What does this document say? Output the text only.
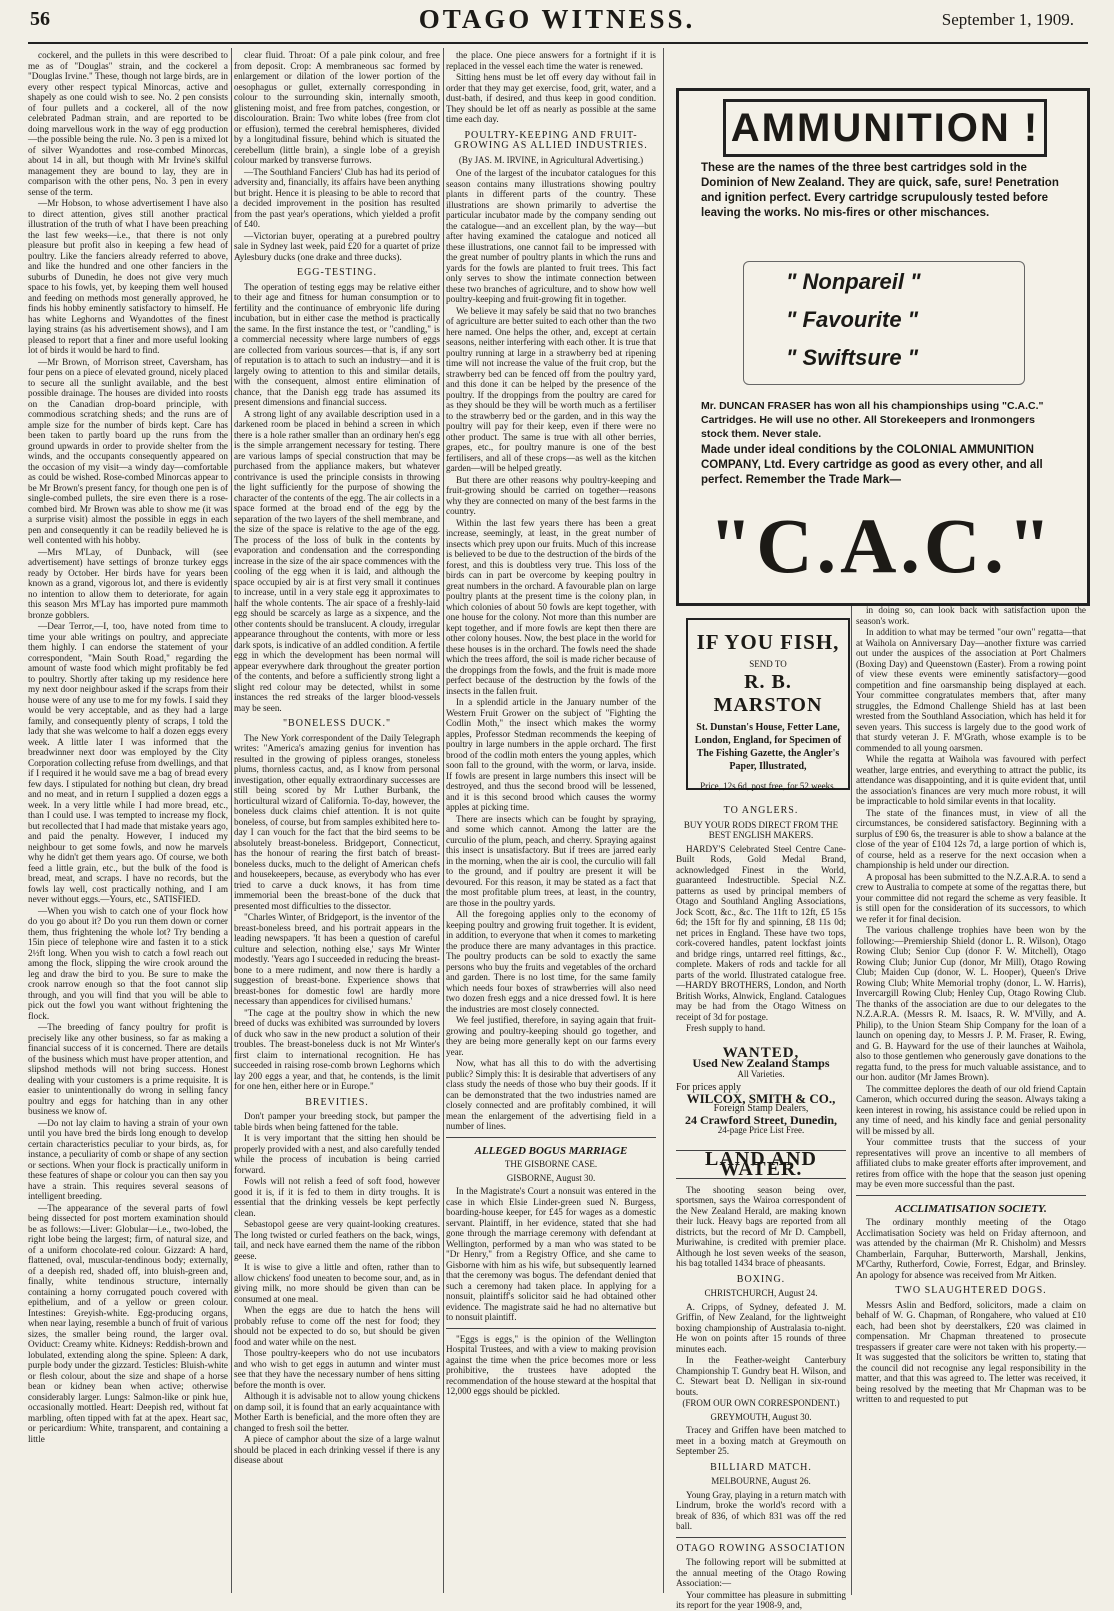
56	OTAGO WITNESS.	September 1, 1909.

cockerel, and the pullets in this were described to me as of "Douglas" strain, and the cockerel a "Douglas Irvine." These, though not large birds, are in every other respect typical Minorcas, active and shapely as one could wish to see. No. 2 pen consists of four pullets and a cockerel, all of the now celebrated Padman strain, and are reported to be doing marvellous work in the way of egg production—the possible being the rule. No. 3 pen is a mixed lot of silver Wyandottes and rose-combed Minorcas, about 14 in all, but though with Mr Irvine's skilful management they are bound to lay, they are in comparison with the other pens, No. 3 pen in every sense of the term.

—Mr Hobson, to whose advertisement I have also to direct attention, gives still another practical illustration of the truth of what I have been preaching the last few weeks—i.e., that there is not only pleasure but profit also in keeping a few head of poultry. Like the fanciers already referred to above, and like the hundred and one other fanciers in the suburbs of Dunedin, he does not give very much space to his fowls, yet, by keeping them well housed and feeding on methods most generally approved, he finds his hobby eminently satisfactory to himself. He has white Leghorns and Wyandottes of the finest laying strains (as his advertisement shows), and I am pleased to report that a finer and more useful looking lot of birds it would be hard to find.

—Mr Brown, of Morrison street, Caversham, has four pens on a piece of elevated ground, nicely placed to secure all the sunlight available, and the best possible drainage. The houses are divided into roosts on the Canadian drop-board principle, with commodious scratching sheds; and the runs are of ample size for the number of birds kept. Care has been taken to partly board up the runs from the ground upwards in order to provide shelter from the winds, and the occupants consequently appeared on the occasion of my visit—a windy day—comfortable as could be wished. Rose-combed Minorcas appear to be Mr Brown's present fancy, for though one pen is of single-combed pullets, the sire even there is a rose-combed bird. Mr Brown was able to show me (it was a surprise visit) almost the possible in eggs in each pen and consequently it can be readily believed he is well contented with his hobby.

—Mrs M'Lay, of Dunback, will (see advertisement) have settings of bronze turkey eggs ready by October. Her birds have for years been known as a grand, vigorous lot, and there is evidently no intention to allow them to deteriorate, for again this season Mrs M'Lay has imported pure mammoth bronze gobblers.

—Dear Terror,—I, too, have noted from time to time your able writings on poultry, and appreciate them highly. I can endorse the statement of your correspondent, "Main South Road," regarding the amount of waste food which might profitably be fed to poultry. Shortly after taking up my residence here my next door neighbour asked if the scraps from their house were of any use to me for my fowls. I said they would be very acceptable, and as they had a large family, and consequently plenty of scraps, I told the lady that she was welcome to half a dozen eggs every week. A little later I was informed that the breadwinner next door was employed by the City Corporation collecting refuse from dwellings, and that if I required it he would save me a bag of bread every few days. I stipulated for nothing but clean, dry bread and no meat, and in return I supplied a dozen eggs a week. In a very little while I had more bread, etc., than I could use. I was tempted to increase my flock, but recollected that I had made that mistake years ago, and paid the penalty. However, I induced my neighbour to get some fowls, and now he marvels why he didn't get them years ago. Of course, we both feed a little grain, etc., but the bulk of the food is bread, meat, and scraps. I have no records, but the fowls lay well, cost practically nothing, and I am never without eggs.—Yours, etc., SATISFIED.

—When you wish to catch one of your flock how do you go about it? Do you run them down or corner them, thus frightening the whole lot? Try bending a 15in piece of telephone wire and fasten it to a stick 2½ft long. When you wish to catch a fowl reach out among the flock, slipping the wire crook around the leg and draw the bird to you. Be sure to make the crook narrow enough so that the foot cannot slip through, and you will find that you will be able to pick out the fowl you want without frightening the flock.

—The breeding of fancy poultry for profit is precisely like any other business, so far as making a financial success of it is concerned. There are details of the business which must have proper attention, and slipshod methods will not bring success. Honest dealing with your customers is a prime requisite. It is easier to unintentionally do wrong in selling fancy poultry and eggs for hatching than in any other business we know of.

—Do not lay claim to having a strain of your own until you have bred the birds long enough to develop certain characteristics peculiar to your birds, as, for instance, a peculiarity of comb or shape of any section or sections. When your flock is practically uniform in these features of shape or colour you can then say you have a strain. This requires several seasons of intelligent breeding.

—The appearance of the several parts of fowl being dissected for post mortem examination should be as follows:—Liver: Globular—i.e., two-lobed, the right lobe being the largest; firm, of natural size, and of a uniform chocolate-red colour. Gizzard: A hard, flattened, oval, muscular-tendinous body; externally, of a deepish red, shaded off, into bluish-green and, finally, white tendinous structure, internally containing a horny corrugated pouch covered with epithelium, and of a yellow or green colour. Intestines: Greyish-white. Egg-producing organs, when near laying, resemble a bunch of fruit of various sizes, the smaller being round, the larger oval. Oviduct: Creamy white. Kidneys: Reddish-brown and lobulated, extending along the spine. Spleen: A dark, purple body under the gizzard. Testicles: Bluish-white or flesh colour, about the size and shape of a horse bean or kidney bean when active; otherwise considerably larger. Lungs: Salmon-like or pink hue, occasionally mottled. Heart: Deepish red, without fat marbling, often tipped with fat at the apex. Heart sac, or pericardium: White, transparent, and containing a little

clear fluid. Throat: Of a pale pink colour, and free from deposit. Crop: A membraneous sac formed by enlargement or dilation of the lower portion of the oesophagus or gullet, externally corresponding in colour to the surrounding skin, internally smooth, glistening moist, and free from patches, congestion, or discolouration. Brain: Two white lobes (free from clot or effusion), termed the cerebral hemispheres, divided by a longitudinal fissure, behind which is situated the cerebellum (little brain), a single lobe of a greyish colour marked by transverse furrows.

—The Southland Fanciers' Club has had its period of adversity and, financially, its affairs have been anything but bright. Hence it is pleasing to be able to record that a decided improvement in the position has resulted from the past year's operations, which yielded a profit of £40.

—Victorian buyer, operating at a purebred poultry sale in Sydney last week, paid £20 for a quartet of prize Aylesbury ducks (one drake and three ducks).

EGG-TESTING.

The operation of testing eggs may be relative either to their age and fitness for human consumption or to fertility and the continuance of embryonic life during incubation, but in either case the method is practically the same. In the first instance the test, or "candling," is a commercial necessity where large numbers of eggs are collected from various sources—that is, if any sort of reputation is to attach to such an industry—and it is largely owing to attention to this and similar details, with the consequent, almost entire elimination of chance, that the Danish egg trade has assumed its present dimensions and financial success.

A strong light of any available description used in a darkened room be placed in behind a screen in which there is a hole rather smaller than an ordinary hen's egg is the simple arrangement necessary for testing. There are various lamps of special construction that may be purchased from the appliance makers, but whatever contrivance is used the principle consists in throwing the light sufficiently for the purpose of showing the character of the contents of the egg. The air collects in a space formed at the broad end of the egg by the separation of the two layers of the shell membrane, and the size of the space is relative to the age of the egg. The process of the loss of bulk in the contents by evaporation and condensation and the corresponding increase in the size of the air space commences with the cooling of the egg when it is laid, and although the space occupied by air is at first very small it continues to increase, until in a very stale egg it approximates to half the whole contents. The air space of a freshly-laid egg should be scarcely as large as a sixpence, and the other contents should be translucent. A cloudy, irregular appearance throughout the contents, with more or less dark spots, is indicative of an addled condition. A fertile egg in which the development has been normal will appear everywhere dark throughout the greater portion of the contents, and before a sufficiently strong light a slight red colour may be detected, whilst in some instances the red streaks of the larger blood-vessels may be seen.

"BONELESS DUCK."

The New York correspondent of the Daily Telegraph writes: "America's amazing genius for invention has resulted in the growing of pipless oranges, stoneless plums, thornless cactus, and, as I know from personal investigation, other equally extraordinary successes are still being scored by Mr Luther Burbank, the horticultural wizard of California. To-day, however, the boneless duck claims chief attention. It is not quite boneless, of course, but from samples exhibited here to-day I can vouch for the fact that the bird seems to be absolutely breast-boneless. Bridgeport, Connecticut, has the honour of rearing the first batch of breast-boneless ducks, much to the delight of American chefs and housekeepers, because, as everybody who has ever tried to carve a duck knows, it has from time immemorial been the breast-bone of the duck that presented most difficulties to the dissector.

"Charles Winter, of Bridgeport, is the inventor of the breast-boneless breed, and his portrait appears in the leading newspapers. 'It has been a question of careful culture and selection, nothing else,' says Mr Winter modestly. 'Years ago I succeeded in reducing the breast-bone to a mere rudiment, and now there is hardly a suggestion of breast-bone. Experience shows that breast-bones for domestic fowl are hardly more necessary than appendices for civilised humans.'

"The cage at the poultry show in which the new breed of ducks was exhibited was surrounded by lovers of duck who saw in the new product a solution of their troubles. The breast-boneless duck is not Mr Winter's first claim to international recognition. He has succeeded in raising rose-comb brown Leghorns which lay 200 eggs a year, and that, he contends, is the limit for one hen, either here or in Europe."

BREVITIES.

Don't pamper your breeding stock, but pamper the table birds when being fattened for the table.

It is very important that the sitting hen should be properly provided with a nest, and also carefully tended while the process of incubation is being carried forward.

Fowls will not relish a feed of soft food, however good it is, if it is fed to them in dirty troughs. It is essential that the drinking vessels be kept perfectly clean.

Sebastopol geese are very quaint-looking creatures. The long twisted or curled feathers on the back, wings, tail, and neck have earned them the name of the ribbon geese.

It is wise to give a little and often, rather than to allow chickens' food uneaten to become sour, and, as in giving milk, no more should be given than can be consumed at one meal.

When the eggs are due to hatch the hens will probably refuse to come off the nest for food; they should not be expected to do so, but should be given food and water while on the nest.

Those poultry-keepers who do not use incubators and who wish to get eggs in autumn and winter must see that they have the necessary number of hens sitting before the month is over.

Although it is advisable not to allow young chickens on damp soil, it is found that an early acquaintance with Mother Earth is beneficial, and the more often they are changed to fresh soil the better.

A piece of camphor about the size of a large walnut should be placed in each drinking vessel if there is any disease about

the place. One piece answers for a fortnight if it is replaced in the vessel each time the water is renewed.

Sitting hens must be let off every day without fail in order that they may get exercise, food, grit, water, and a dust-bath, if desired, and thus keep in good condition. They should be let off as nearly as possible at the same time each day.

POULTRY-KEEPING AND FRUIT-GROWING AS ALLIED INDUSTRIES.
(By JAS. M. IRVINE, in Agricultural Advertising.)

One of the largest of the incubator catalogues for this season contains many illustrations showing poultry plants in different parts of the country. These illustrations are shown primarily to advertise the particular incubator made by the company sending out the catalogue—and an excellent plan, by the way—but after having examined the catalogue and noticed all these illustrations, one cannot fail to be impressed with the great number of poultry plants in which the runs and yards for the fowls are planted to fruit trees. This fact only serves to show the intimate connection between these two branches of agriculture, and to show how well poultry-keeping and fruit-growing fit in together.

We believe it may safely be said that no two branches of agriculture are better suited to each other than the two here named. One helps the other, and, except at certain seasons, neither interfering with each other. It is true that poultry running at large in a strawberry bed at ripening time will not increase the value of the fruit crop, but the strawberry bed can be fenced off from the poultry yard, and this done it can be helped by the presence of the poultry. If the droppings from the poultry are cared for as they should be they will be worth much as a fertiliser to the strawberry bed or the garden, and in this way the poultry will pay for their keep, even if there were no other product. The same is true with all other berries, grapes, etc., for poultry manure is one of the best fertilisers, and all of these crops—as well as the kitchen garden—will be helped greatly.

But there are other reasons why poultry-keeping and fruit-growing should be carried on together—reasons why they are connected on many of the best farms in the country.

Within the last few years there has been a great increase, seemingly, at least, in the great number of insects which prey upon our fruits. Much of this increase is believed to be due to the destruction of the birds of the forest, and this is doubtless very true. This loss of the birds can in part be overcome by keeping poultry in great numbers in the orchard. A favourable plan on large poultry plants at the present time is the colony plan, in which colonies of about 50 fowls are kept together, with one house for the colony. Not more than this number are kept together, and if more fowls are kept then there are other colony houses. Now, the best place in the world for these houses is in the orchard. The fowls need the shade which the trees afford, the soil is made richer because of the droppings from the fowls, and the fruit is made more perfect because of the destruction by the fowls of the insects in the fallen fruit.

In a splendid article in the January number of the Western Fruit Grower on the subject of "Fighting the Codlin Moth," the insect which makes the wormy apples, Professor Stedman recommends the keeping of poultry in large numbers in the apple orchard. The first brood of the codlin moth enters the young apples, which soon fall to the ground, with the worm, or larva, inside. If fowls are present in large numbers this insect will be destroyed, and thus the second brood will be lessened, and it is this second brood which causes the wormy apples at picking time.

There are insects which can be fought by spraying, and some which cannot. Among the latter are the curculio of the plum, peach, and cherry. Spraying against this insect is unsatisfactory. But if trees are jarred early in the morning, when the air is cool, the curculio will fall to the ground, and if poultry are present it will be devoured. For this reason, it may be stated as a fact that the most profitable plum trees, at least, in the country, are those in the poultry yards.

All the foregoing applies only to the economy of keeping poultry and growing fruit together. It is evident, in addition, to everyone that when it comes to marketing the produce there are many advantages in this practice. The poultry products can be sold to exactly the same persons who buy the fruits and vegetables of the orchard and garden. There is no lost time, for the same family which needs four boxes of strawberries will also need two dozen fresh eggs and a nice dressed fowl. It is here the industries are most closely connected.

We feel justified, therefore, in saying again that fruit-growing and poultry-keeping should go together, and they are being more generally kept on our farms every year.

Now, what has all this to do with the advertising public? Simply this: It is desirable that advertisers of any class study the needs of those who buy their goods. If it can be demonstrated that the two industries named are closely connected and are profitably combined, it will mean the enlargement of the advertising field in a number of lines.

ALLEGED BOGUS MARRIAGE
THE GISBORNE CASE.
GISBORNE, August 30.

In the Magistrate's Court a nonsuit was entered in the case in which Elsie Linder-green sued N. Burgess, boarding-house keeper, for £45 for wages as a domestic servant. Plaintiff, in her evidence, stated that she had gone through the marriage ceremony with defendant at Wellington, performed by a man who was stated to be "Dr Henry," from a Registry Office, and she came to Gisborne with him as his wife, but subsequently learned that the ceremony was bogus. The defendant denied that such a ceremony had taken place. In applying for a nonsuit, plaintiff's solicitor said he had obtained other evidence. The magistrate said he had no alternative but to nonsuit plaintiff.

"Eggs is eggs," is the opinion of the Wellington Hospital Trustees, and with a view to making provision against the time when the price becomes more or less prohibitive, the trustees have adopted the recommendation of the house steward at the hospital that 12,000 eggs should be pickled.

AMMUNITION !
These are the names of the three best cartridges sold in the Dominion of New Zealand. They are quick, safe, sure! Penetration and ignition perfect. Every cartridge scrupulously tested before leaving the works. No mis-fires or other mischances.
" Nonpareil "
" Favourite "
" Swiftsure "
Mr. DUNCAN FRASER has won all his championships using "C.A.C." Cartridges. He will use no other. All Storekeepers and Ironmongers stock them. Never stale.
Made under ideal conditions by the COLONIAL AMMUNITION COMPANY, Ltd. Every cartridge as good as every other, and all perfect. Remember the Trade Mark—
"C.A.C."
IF YOU FISH,
SEND TO
R. B. MARSTON
St. Dunstan's House, Fetter Lane, London, England, for Specimen of The Fishing Gazette, the Angler's Paper, Illustrated,
Price, 12s 6d, post free, for 52 weeks.
TO ANGLERS.
BUY YOUR RODS DIRECT FROM THE BEST ENGLISH MAKERS.

HARDY'S Celebrated Steel Centre Cane-Built Rods, Gold Medal Brand, acknowledged Finest in the World, guaranteed Indestructible. Special N.Z. patterns as used by principal members of Otago and Southland Angling Associations, Jock Scott, &c., &c. The 11ft to 12ft, £5 15s 6d; the 15ft for fly and spinning, £8 11s 0d; net prices in England. These have two tops, cork-covered handles, patent lockfast joints and bridge rings, untarred reel fittings, &c., complete. Makers of rods and tackle for all parts of the world. Illustrated catalogue free.—HARDY BROTHERS, London, and North British Works, Alnwick, England. Catalogues may be had from the Otago Witness on receipt of 3d for postage.

Fresh supply to hand.

WANTED,
Used New Zealand Stamps
All Varieties.
For prices apply
WILCOX, SMITH & CO.,
Foreign Stamp Dealers,
24 Crawford Street, Dunedin,
24-page Price List Free.
LAND AND WATER.

The shooting season being over, sportsmen, says the Wairoa correspondent of the New Zealand Herald, are making known their luck. Heavy bags are reported from all districts, but the record of Mr D. Campbell, Muriwahine, is credited with premier place. Although he lost seven weeks of the season, his bag totalled 1434 brace of pheasants.

BOXING.
CHRISTCHURCH, August 24.

A. Cripps, of Sydney, defeated J. M. Griffin, of New Zealand, for the lightweight boxing championship of Australasia to-night. He won on points after 15 rounds of three minutes each.

In the Feather-weight Canterbury Championship T. Gundry beat H. Wilson, and C. Stewart beat D. Nelligan in six-round bouts.

(FROM OUR OWN CORRESPONDENT.)
GREYMOUTH, August 30.

Tracey and Griffen have been matched to meet in a boxing match at Greymouth on September 25.

BILLIARD MATCH.
MELBOURNE, August 26.

Young Gray, playing in a return match with Lindrum, broke the world's record with a break of 836, of which 831 was off the red ball.

OTAGO ROWING ASSOCIATION

The following report will be submitted at the annual meeting of the Otago Rowing Association:—

Your committee has pleasure in submitting its report for the year 1908-9, and,

in doing so, can look back with satisfaction upon the season's work.

In addition to what may be termed "our own" regatta—that at Waihola on Anniversary Day—another fixture was carried out under the auspices of the association at Port Chalmers (Boxing Day) and Queenstown (Easter). From a rowing point of view these events were eminently satisfactory—good competition and fine oarsmanship being displayed at each. Your committee congratulates members that, after many struggles, the Edmond Challenge Shield has at last been wrested from the Southland Association, which has held it for seven years. This success is largely due to the good work of that sturdy veteran J. F. M'Grath, whose example is to be commended to all young oarsmen.

While the regatta at Waihola was favoured with perfect weather, large entries, and everything to attract the public, its attendance was disappointing, and it is quite evident that, until the association's finances are very much more robust, it will be impracticable to hold similar events in that locality.

The state of the finances must, in view of all the circumstances, be considered satisfactory. Beginning with a surplus of £90 6s, the treasurer is able to show a balance at the close of the year of £104 12s 7d, a large portion of which is, of course, held as a reserve for the next occasion when a championship is held under our direction.

A proposal has been submitted to the N.Z.A.R.A. to send a crew to Australia to compete at some of the regattas there, but your committee did not regard the scheme as very feasible. It is still open for the consideration of its successors, to which we refer it for final decision.

The various challenge trophies have been won by the following:—Premiership Shield (donor L. R. Wilson), Otago Rowing Club; Senior Cup (donor F. W. Mitchell), Otago Rowing Club; Junior Cup (donor, Mr Mill), Otago Rowing Club; Maiden Cup (donor, W. L. Hooper), Queen's Drive Rowing Club; White Memorial trophy (donor, L. W. Harris), Invercargill Rowing Club; Henley Cup, Otago Rowing Club. The thanks of the association are due to our delegates to the N.Z.A.R.A. (Messrs R. M. Isaacs, R. W. M'Villy, and A. Philip), to the Union Steam Ship Company for the loan of a launch on opening day, to Messrs J. P. M. Fraser, R. Ewing, and G. B. Hayward for the use of their launches at Waihola, also to those gentlemen who generously gave donations to the regatta fund, to the press for much valuable assistance, and to our hon. auditor (Mr James Brown).

The committee deplores the death of our old friend Captain Cameron, which occurred during the season. Always taking a keen interest in rowing, his assistance could be relied upon in any time of need, and his kindly face and genial personality will be missed by all.

Your committee trusts that the success of your representatives will prove an incentive to all members of affiliated clubs to make greater efforts after improvement, and retires from office with the hope that the season just opening may be even more successful than the past.

ACCLIMATISATION SOCIETY.

The ordinary monthly meeting of the Otago Acclimatisation Society was held on Friday afternoon, and was attended by the chairman (Mr R. Chisholm) and Messrs Chamberlain, Farquhar, Butterworth, Marshall, Jenkins, M'Carthy, Rutherford, Cowie, Forrest, Edgar, and Brinsley. An apology for absence was received from Mr Aitken.

TWO SLAUGHTERED DOGS.

Messrs Aslin and Bedford, solicitors, made a claim on behalf of W. G. Chapman, of Rongahere, who valued at £10 each, had been shot by deerstalkers, £20 was claimed in compensation. Mr Chapman threatened to prosecute trespassers if greater care were not taken with his property.—It was suggested that the solicitors be written to, stating that the council did not recognise any legal responsibility in the matter, and that this was agreed to. The letter was received, it being resolved by the meeting that Mr Chapman was to be written to and requested to put
